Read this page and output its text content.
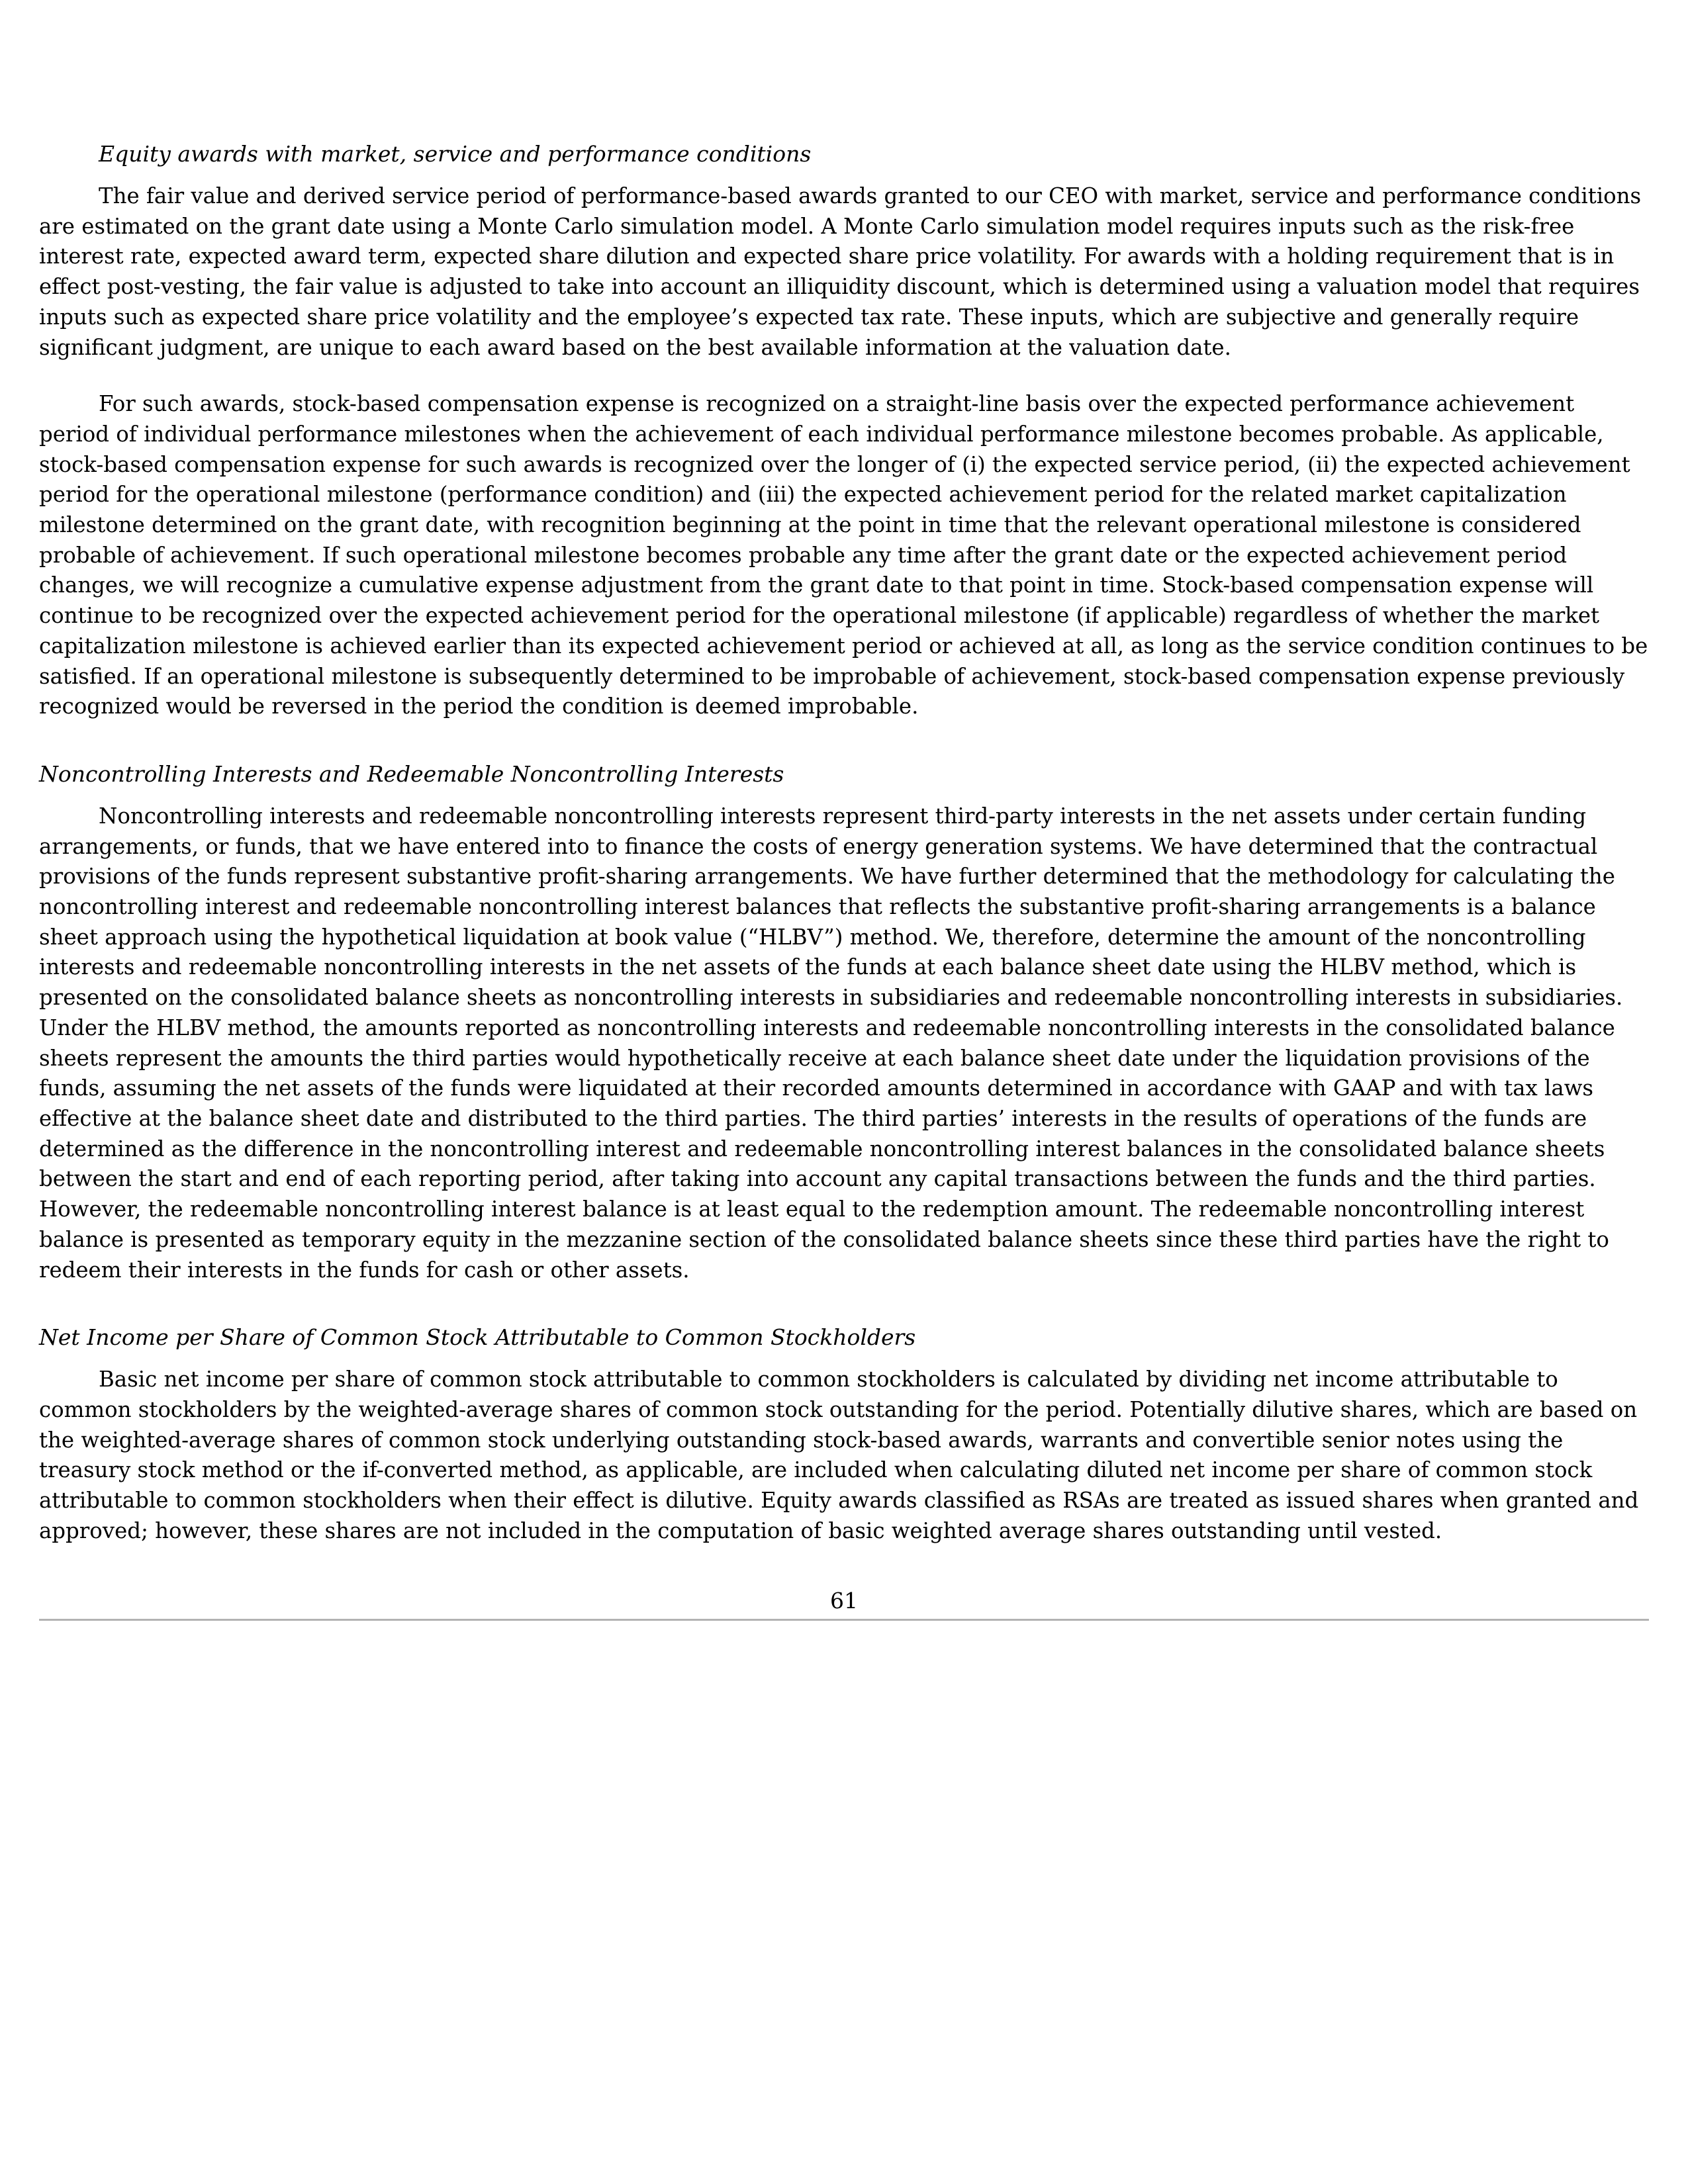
Equity awards with market, service and performance conditions

The fair value and derived service period of performance-based awards granted to our CEO with market, service and performance conditions are estimated on the grant date using a Monte Carlo simulation model. A Monte Carlo simulation model requires inputs such as the risk-free interest rate, expected award term, expected share dilution and expected share price volatility. For awards with a holding requirement that is in effect post-vesting, the fair value is adjusted to take into account an illiquidity discount, which is determined using a valuation model that requires inputs such as expected share price volatility and the employee’s expected tax rate. These inputs, which are subjective and generally require significant judgment, are unique to each award based on the best available information at the valuation date.

For such awards, stock-based compensation expense is recognized on a straight-line basis over the expected performance achievement period of individual performance milestones when the achievement of each individual performance milestone becomes probable. As applicable, stock-based compensation expense for such awards is recognized over the longer of (i) the expected service period, (ii) the expected achievement period for the operational milestone (performance condition) and (iii) the expected achievement period for the related market capitalization milestone determined on the grant date, with recognition beginning at the point in time that the relevant operational milestone is considered probable of achievement. If such operational milestone becomes probable any time after the grant date or the expected achievement period changes, we will recognize a cumulative expense adjustment from the grant date to that point in time. Stock-based compensation expense will continue to be recognized over the expected achievement period for the operational milestone (if applicable) regardless of whether the market capitalization milestone is achieved earlier than its expected achievement period or achieved at all, as long as the service condition continues to be satisfied. If an operational milestone is subsequently determined to be improbable of achievement, stock-based compensation expense previously recognized would be reversed in the period the condition is deemed improbable.

Noncontrolling Interests and Redeemable Noncontrolling Interests

Noncontrolling interests and redeemable noncontrolling interests represent third-party interests in the net assets under certain funding arrangements, or funds, that we have entered into to finance the costs of energy generation systems. We have determined that the contractual provisions of the funds represent substantive profit-sharing arrangements. We have further determined that the methodology for calculating the noncontrolling interest and redeemable noncontrolling interest balances that reflects the substantive profit-sharing arrangements is a balance sheet approach using the hypothetical liquidation at book value (“HLBV”) method. We, therefore, determine the amount of the noncontrolling interests and redeemable noncontrolling interests in the net assets of the funds at each balance sheet date using the HLBV method, which is presented on the consolidated balance sheets as noncontrolling interests in subsidiaries and redeemable noncontrolling interests in subsidiaries. Under the HLBV method, the amounts reported as noncontrolling interests and redeemable noncontrolling interests in the consolidated balance sheets represent the amounts the third parties would hypothetically receive at each balance sheet date under the liquidation provisions of the funds, assuming the net assets of the funds were liquidated at their recorded amounts determined in accordance with GAAP and with tax laws effective at the balance sheet date and distributed to the third parties. The third parties’ interests in the results of operations of the funds are determined as the difference in the noncontrolling interest and redeemable noncontrolling interest balances in the consolidated balance sheets between the start and end of each reporting period, after taking into account any capital transactions between the funds and the third parties. However, the redeemable noncontrolling interest balance is at least equal to the redemption amount. The redeemable noncontrolling interest balance is presented as temporary equity in the mezzanine section of the consolidated balance sheets since these third parties have the right to redeem their interests in the funds for cash or other assets.

Net Income per Share of Common Stock Attributable to Common Stockholders

Basic net income per share of common stock attributable to common stockholders is calculated by dividing net income attributable to common stockholders by the weighted-average shares of common stock outstanding for the period. Potentially dilutive shares, which are based on the weighted-average shares of common stock underlying outstanding stock-based awards, warrants and convertible senior notes using the treasury stock method or the if-converted method, as applicable, are included when calculating diluted net income per share of common stock attributable to common stockholders when their effect is dilutive. Equity awards classified as RSAs are treated as issued shares when granted and approved; however, these shares are not included in the computation of basic weighted average shares outstanding until vested.

61
